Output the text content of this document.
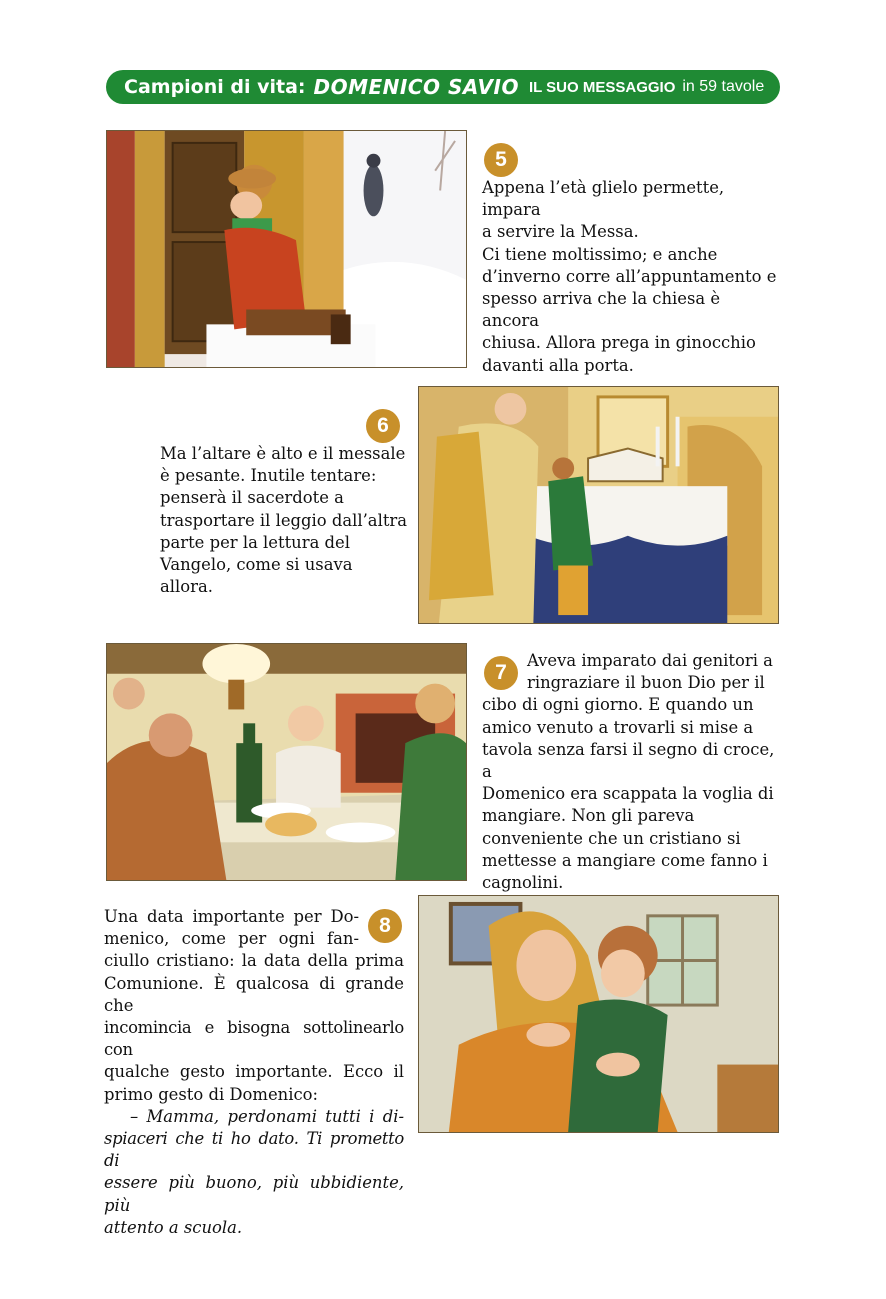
Campioni di vita: DOMENICO SAVIO IL SUO MESSAGGIO in 59 tavole
5

Appena l’età glielo permette, impara

a servire la Messa.

Ci tiene moltissimo; e anche

d’inverno corre all’appuntamento e

spesso arriva che la chiesa è ancora

chiusa. Allora prega in ginocchio

davanti alla porta.

6

Ma l’altare è alto e il messale

è pesante. Inutile tentare:

penserà il sacerdote a

trasportare il leggio dall’altra

parte per la lettura del

Vangelo, come si usava allora.

7

Aveva imparato dai genitori a

ringraziare il buon Dio per il

cibo di ogni giorno. E quando un

amico venuto a trovarli si mise a

tavola senza farsi il segno di croce, a

Domenico era scappata la voglia di

mangiare. Non gli pareva

conveniente che un cristiano si

mettesse a mangiare come fanno i

cagnolini.

8

Una data importante per Do-

menico, come per ogni fan-

ciullo cristiano: la data della prima

Comunione. È qualcosa di grande che

incomincia e bisogna sottolinearlo con

qualche gesto importante. Ecco il

primo gesto di Domenico:

– Mamma, perdonami tutti i di-

spiaceri che ti ho dato. Ti prometto di

essere più buono, più ubbidiente, più

attento a scuola.
